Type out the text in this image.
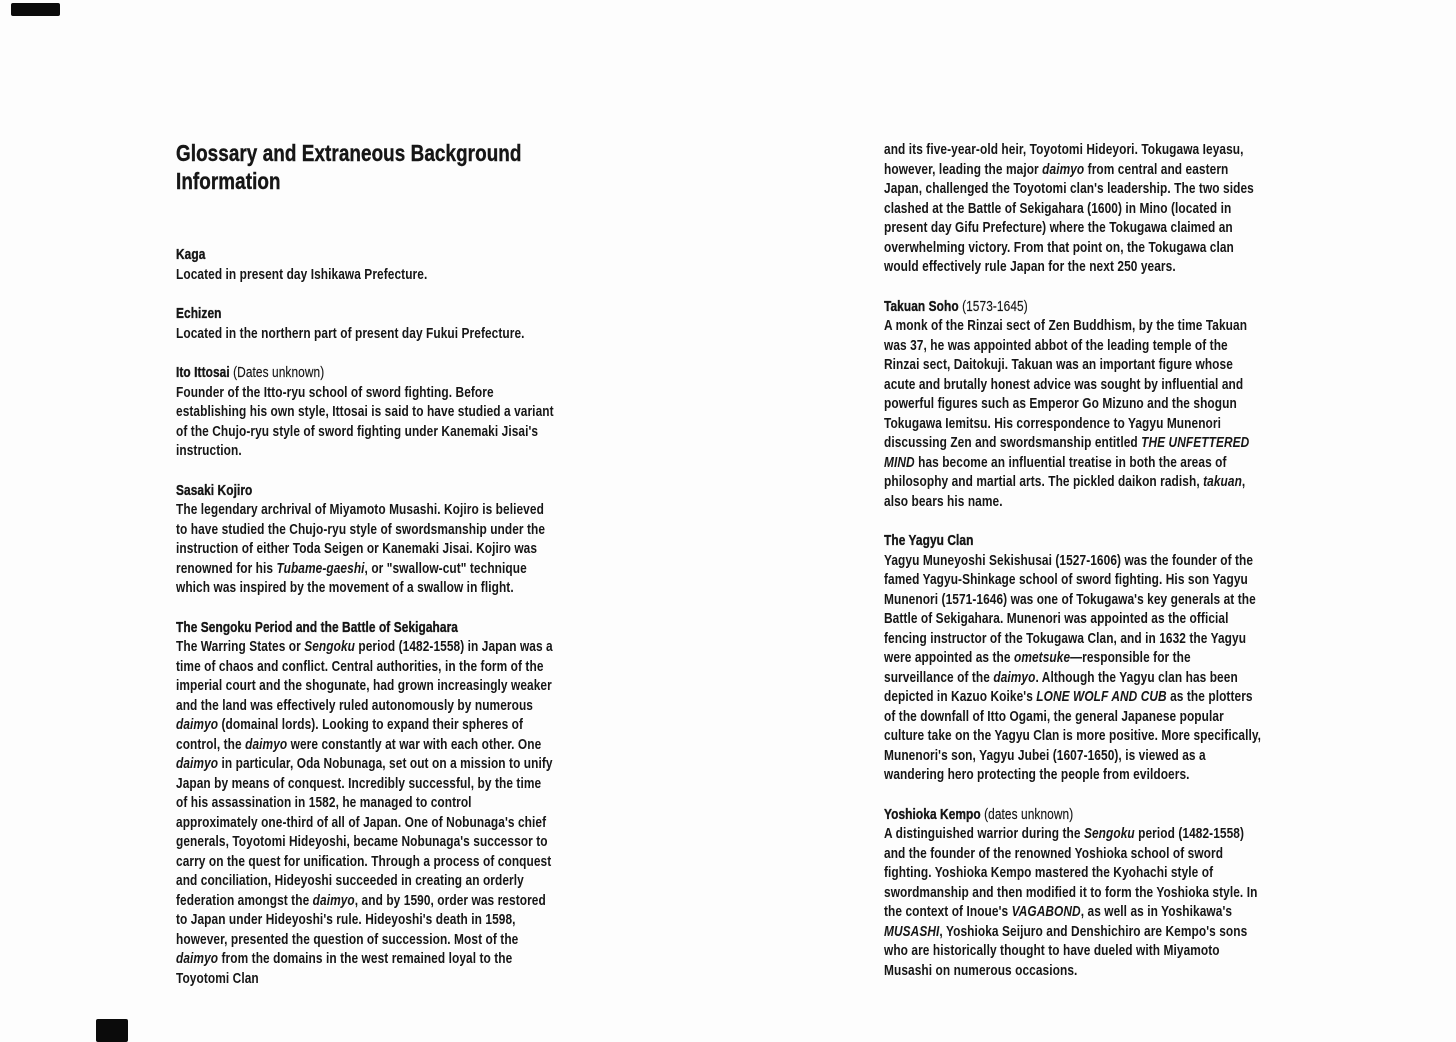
Glossary and Extraneous Background Information
Kaga
Located in present day Ishikawa Prefecture.
Echizen
Located in the northern part of present day Fukui Prefecture.
Ito Ittosai (Dates unknown)
Founder of the Itto-ryu school of sword fighting. Before establishing his own style, Ittosai is said to have studied a variant of the Chujo-ryu style of sword fighting under Kanemaki Jisai's instruction.
Sasaki Kojiro
The legendary archrival of Miyamoto Musashi. Kojiro is believed to have studied the Chujo-ryu style of swordsmanship under the instruction of either Toda Seigen or Kanemaki Jisai. Kojiro was renowned for his Tubame-gaeshi, or "swallow-cut" technique which was inspired by the movement of a swallow in flight.
The Sengoku Period and the Battle of Sekigahara
The Warring States or Sengoku period (1482-1558) in Japan was a time of chaos and conflict. Central authorities, in the form of the imperial court and the shogunate, had grown increasingly weaker and the land was effectively ruled autonomously by numerous daimyo (domainal lords). Looking to expand their spheres of control, the daimyo were constantly at war with each other. One daimyo in particular, Oda Nobunaga, set out on a mission to unify Japan by means of conquest. Incredibly successful, by the time of his assassination in 1582, he managed to control approximately one-third of all of Japan. One of Nobunaga's chief generals, Toyotomi Hideyoshi, became Nobunaga's successor to carry on the quest for unification. Through a process of conquest and conciliation, Hideyoshi succeeded in creating an orderly federation amongst the daimyo, and by 1590, order was restored to Japan under Hideyoshi's rule. Hideyoshi's death in 1598, however, presented the question of succession. Most of the daimyo from the domains in the west remained loyal to the Toyotomi Clan
and its five-year-old heir, Toyotomi Hideyori. Tokugawa Ieyasu, however, leading the major daimyo from central and eastern Japan, challenged the Toyotomi clan's leadership. The two sides clashed at the Battle of Sekigahara (1600) in Mino (located in present day Gifu Prefecture) where the Tokugawa claimed an overwhelming victory. From that point on, the Tokugawa clan would effectively rule Japan for the next 250 years.
Takuan Soho (1573-1645)
A monk of the Rinzai sect of Zen Buddhism, by the time Takuan was 37, he was appointed abbot of the leading temple of the Rinzai sect, Daitokuji. Takuan was an important figure whose acute and brutally honest advice was sought by influential and powerful figures such as Emperor Go Mizuno and the shogun Tokugawa Iemitsu. His correspondence to Yagyu Munenori discussing Zen and swordsmanship entitled THE UNFETTERED MIND has become an influential treatise in both the areas of philosophy and martial arts. The pickled daikon radish, takuan, also bears his name.
The Yagyu Clan
Yagyu Muneyoshi Sekishusai (1527-1606) was the founder of the famed Yagyu-Shinkage school of sword fighting. His son Yagyu Munenori (1571-1646) was one of Tokugawa's key generals at the Battle of Sekigahara. Munenori was appointed as the official fencing instructor of the Tokugawa Clan, and in 1632 the Yagyu were appointed as the ometsuke—responsible for the surveillance of the daimyo. Although the Yagyu clan has been depicted in Kazuo Koike's LONE WOLF AND CUB as the plotters of the downfall of Itto Ogami, the general Japanese popular culture take on the Yagyu Clan is more positive. More specifically, Munenori's son, Yagyu Jubei (1607-1650), is viewed as a wandering hero protecting the people from evildoers.
Yoshioka Kempo (dates unknown)
A distinguished warrior during the Sengoku period (1482-1558) and the founder of the renowned Yoshioka school of sword fighting. Yoshioka Kempo mastered the Kyohachi style of swordmanship and then modified it to form the Yoshioka style. In the context of Inoue's VAGABOND, as well as in Yoshikawa's MUSASHI, Yoshioka Seijuro and Denshichiro are Kempo's sons who are historically thought to have dueled with Miyamoto Musashi on numerous occasions.
